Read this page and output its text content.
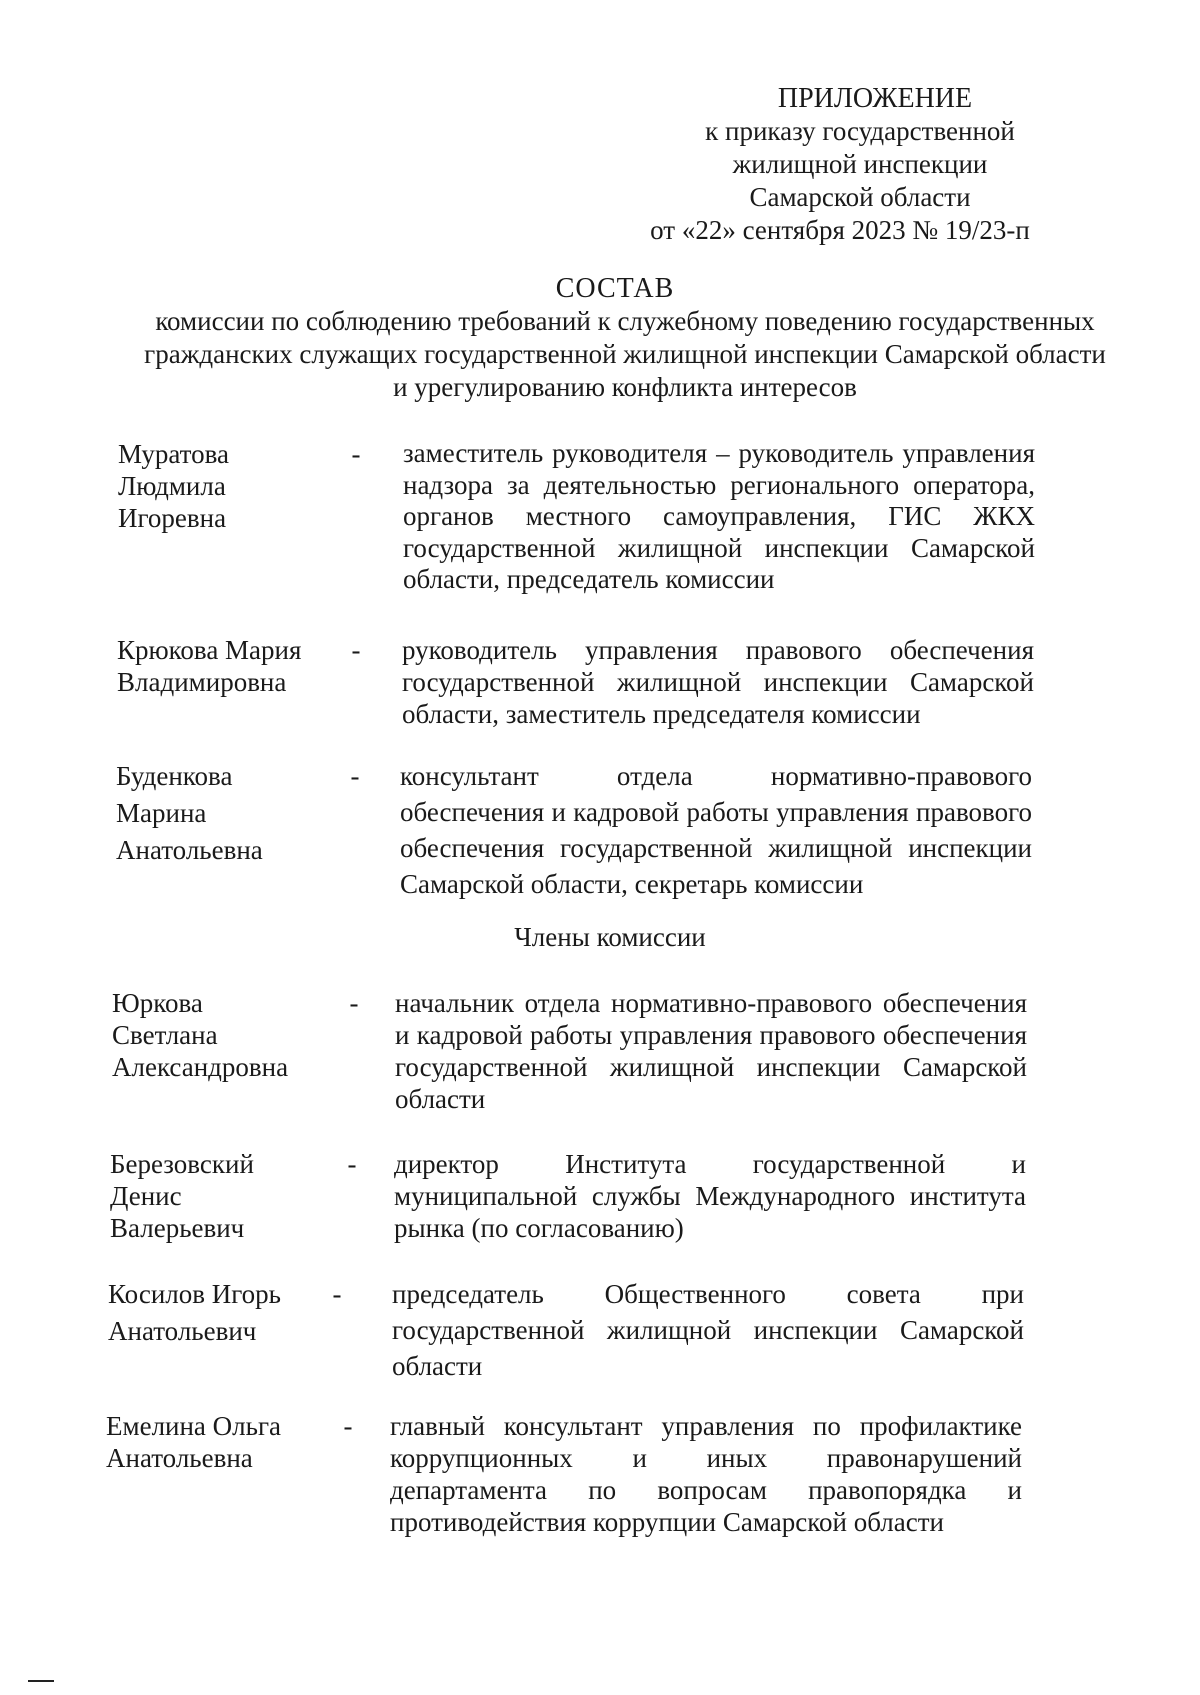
ПРИЛОЖЕНИЕ
к приказу государственной
жилищной инспекции
Самарской области
от «22» сентября 2023 № 19/23-п
СОСТАВ
комиссии по соблюдению требований к служебному поведению государственных
гражданских служащих государственной жилищной инспекции Самарской области
и урегулированию конфликта интересов
Муратова
Людмила
Игоревна
- заместитель руководителя – руководитель управления надзора за деятельностью регионального оператора, органов местного самоуправления, ГИС ЖКХ государственной жилищной инспекции Самарской области, председатель комиссии
Крюкова Мария
Владимировна
- руководитель управления правового обеспечения государственной жилищной инспекции Самарской области, заместитель председателя комиссии
Буденкова
Марина
Анатольевна
- консультант отдела нормативно-правового обеспечения и кадровой работы управления правового обеспечения государственной жилищной инспекции Самарской области, секретарь комиссии
Члены комиссии
Юркова
Светлана
Александровна
- начальник отдела нормативно-правового обеспечения и кадровой работы управления правового обеспечения государственной жилищной инспекции Самарской области
Березовский
Денис
Валерьевич
- директор Института государственной и муниципальной службы Международного института рынка (по согласованию)
Косилов Игорь
Анатольевич
- председатель Общественного совета при государственной жилищной инспекции Самарской области
Емелина Ольга
Анатольевна
- главный консультант управления по профилактике коррупционных и иных правонарушений департамента по вопросам правопорядка и противодействия коррупции Самарской области
